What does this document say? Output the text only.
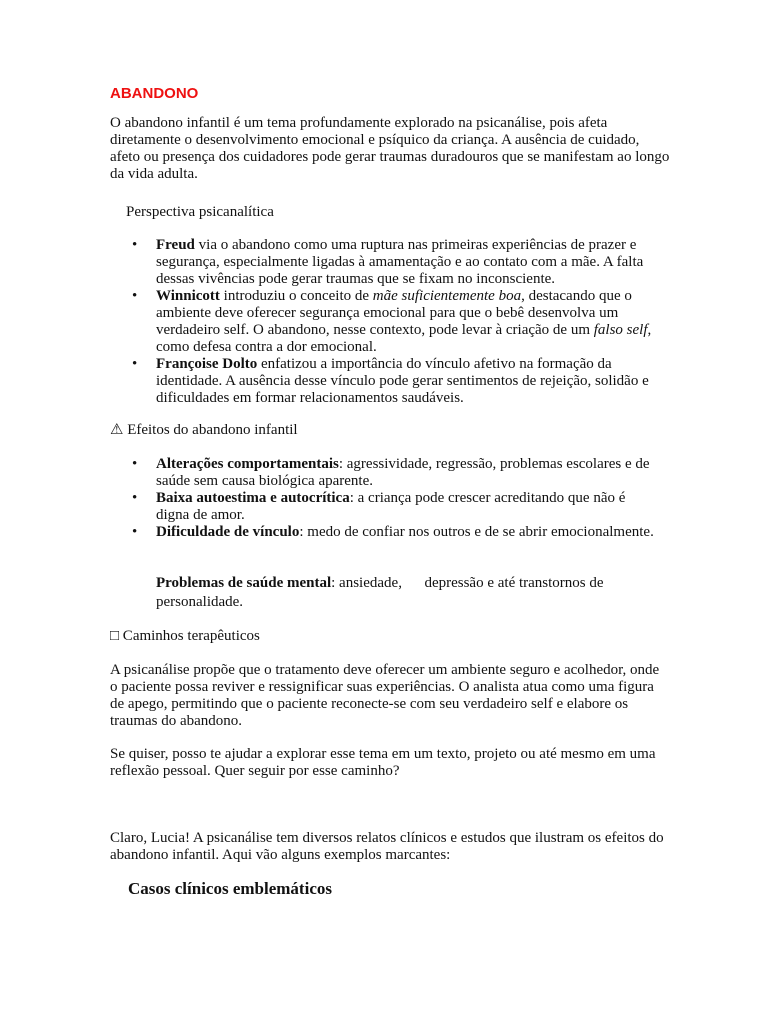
ABANDONO

O abandono infantil é um tema profundamente explorado na psicanálise, pois afeta diretamente o desenvolvimento emocional e psíquico da criança. A ausência de cuidado, afeto ou presença dos cuidadores pode gerar traumas duradouros que se manifestam ao longo da vida adulta.

Perspectiva psicanalítica
• Freud via o abandono como uma ruptura nas primeiras experiências de prazer e segurança, especialmente ligadas à amamentação e ao contato com a mãe. A falta dessas vivências pode gerar traumas que se fixam no inconsciente.
• Winnicott introduziu o conceito de mãe suficientemente boa, destacando que o ambiente deve oferecer segurança emocional para que o bebê desenvolva um verdadeiro self. O abandono, nesse contexto, pode levar à criação de um falso self, como defesa contra a dor emocional.
• Françoise Dolto enfatizou a importância do vínculo afetivo na formação da identidade. A ausência desse vínculo pode gerar sentimentos de rejeição, solidão e dificuldades em formar relacionamentos saudáveis.
⚠ Efeitos do abandono infantil
• Alterações comportamentais: agressividade, regressão, problemas escolares e de saúde sem causa biológica aparente.
• Baixa autoestima e autocrítica: a criança pode crescer acreditando que não é digna de amor.
• Dificuldade de vínculo: medo de confiar nos outros e de se abrir emocionalmente.
Problemas de saúde mental: ansiedade,      depressão e até transtornos de personalidade.
□ Caminhos terapêuticos

A psicanálise propõe que o tratamento deve oferecer um ambiente seguro e acolhedor, onde o paciente possa reviver e ressignificar suas experiências. O analista atua como uma figura de apego, permitindo que o paciente reconecte-se com seu verdadeiro self e elabore os traumas do abandono.

Se quiser, posso te ajudar a explorar esse tema em um texto, projeto ou até mesmo em uma reflexão pessoal. Quer seguir por esse caminho?

Claro, Lucia! A psicanálise tem diversos relatos clínicos e estudos que ilustram os efeitos do abandono infantil. Aqui vão alguns exemplos marcantes:

Casos clínicos emblemáticos
